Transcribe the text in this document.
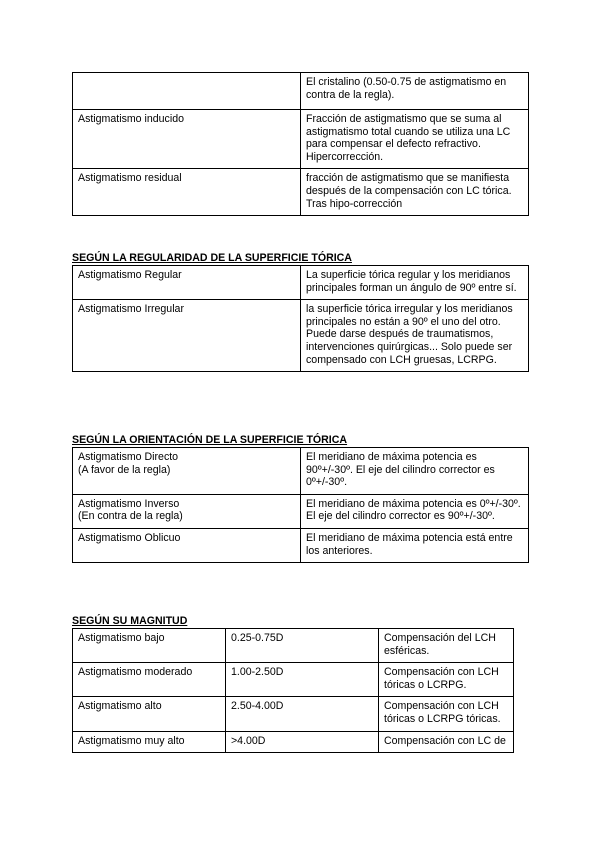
	El cristalino (0.50-0.75 de astigmatismo en contra de la regla).
Astigmatismo inducido	Fracción de astigmatismo que se suma al astigmatismo total cuando se utiliza una LC para compensar el defecto refractivo. Hipercorrección.
Astigmatismo residual	fracción de astigmatismo que se manifiesta después de la compensación con LC tórica. Tras hipo-corrección

SEGÚN LA REGULARIDAD DE LA SUPERFICIE TÓRICA

Astigmatismo Regular	La superficie tórica regular y los meridianos principales forman un ángulo de 90º entre sí.
Astigmatismo Irregular	la superficie tórica irregular y los meridianos principales no están a 90º el uno del otro. Puede darse después de traumatismos, intervenciones quirúrgicas... Solo puede ser compensado con LCH gruesas, LCRPG.

SEGÚN LA ORIENTACIÓN DE LA SUPERFICIE TÓRICA

Astigmatismo Directo
(A favor de la regla)	El meridiano de máxima potencia es 90º+/-30º. El eje del cilindro corrector es 0º+/-30º.

Astigmatismo Inverso
(En contra de la regla)	El meridiano de máxima potencia es 0º+/-30º. El eje del cilindro corrector es 90º+/-30º.

Astigmatismo Oblicuo	El meridiano de máxima potencia está entre los anteriores.

SEGÚN SU MAGNITUD

Astigmatismo bajo	0.25-0.75D	Compensación del LCH esféricas.
Astigmatismo moderado	1.00-2.50D	Compensación con LCH tóricas o LCRPG.
Astigmatismo alto	2.50-4.00D	Compensación con LCH tóricas o LCRPG tóricas.
Astigmatismo muy alto	>4.00D	Compensación con LC de
